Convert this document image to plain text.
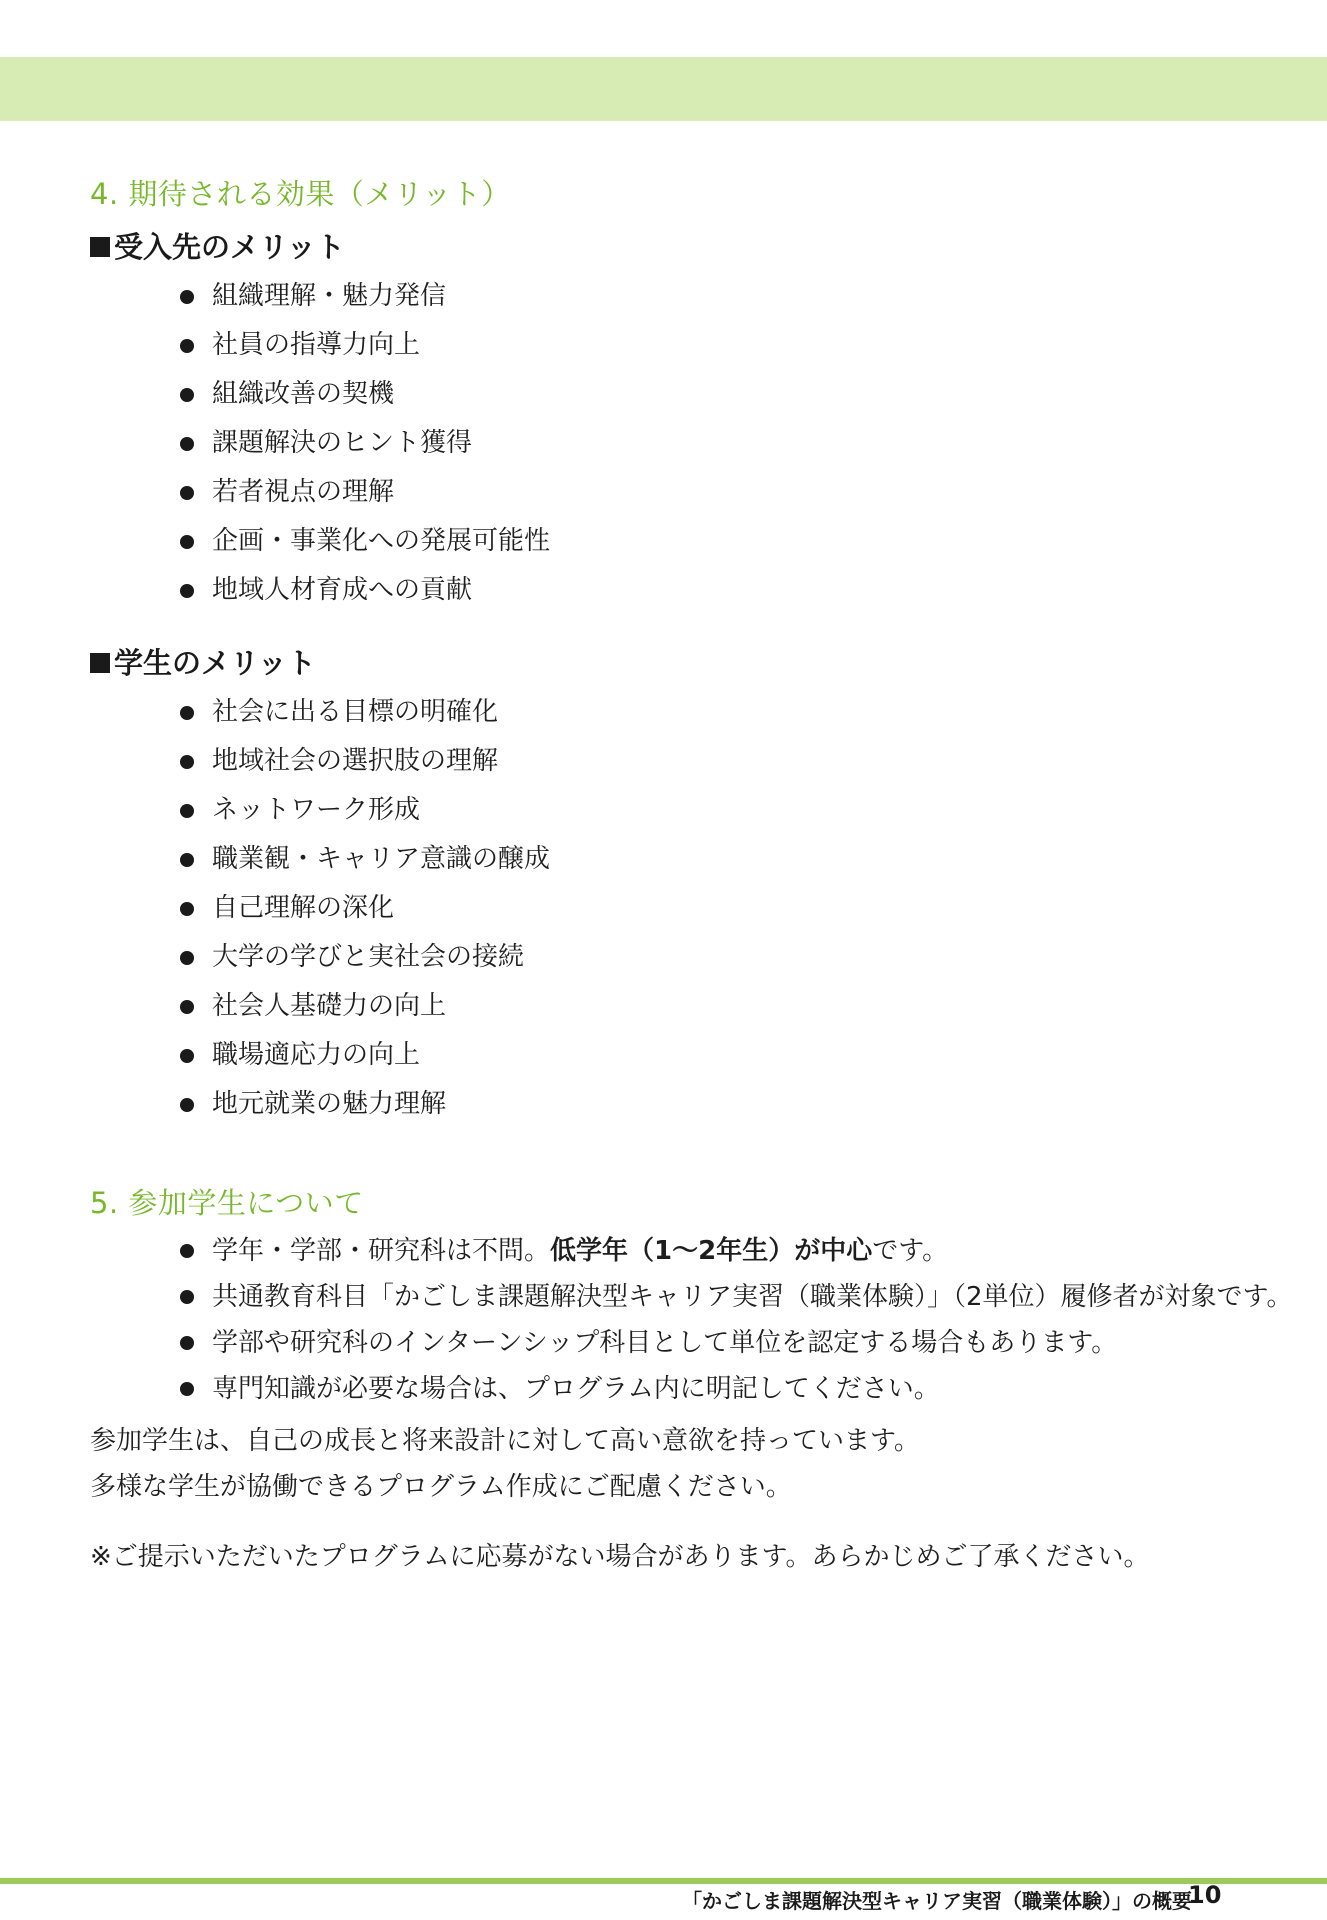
4. 期待される効果（メリット）
受入先のメリット
組織理解・魅力発信
社員の指導力向上
組織改善の契機
課題解決のヒント獲得
若者視点の理解
企画・事業化への発展可能性
地域人材育成への貢献
学生のメリット
社会に出る目標の明確化
地域社会の選択肢の理解
ネットワーク形成
職業観・キャリア意識の醸成
自己理解の深化
大学の学びと実社会の接続
社会人基礎力の向上
職場適応力の向上
地元就業の魅力理解
5. 参加学生について
学年・学部・研究科は不問。低学年（1～2年生）が中心です。
共通教育科目「かごしま課題解決型キャリア実習（職業体験）」（2単位）履修者が対象です。
学部や研究科のインターンシップ科目として単位を認定する場合もあります。
専門知識が必要な場合は、プログラム内に明記してください。

参加学生は、自己の成長と将来設計に対して高い意欲を持っています。

多様な学生が協働できるプログラム作成にご配慮ください。

※ご提示いただいたプログラムに応募がない場合があります。あらかじめご了承ください。

「かごしま課題解決型キャリア実習（職業体験）」の概要
10
